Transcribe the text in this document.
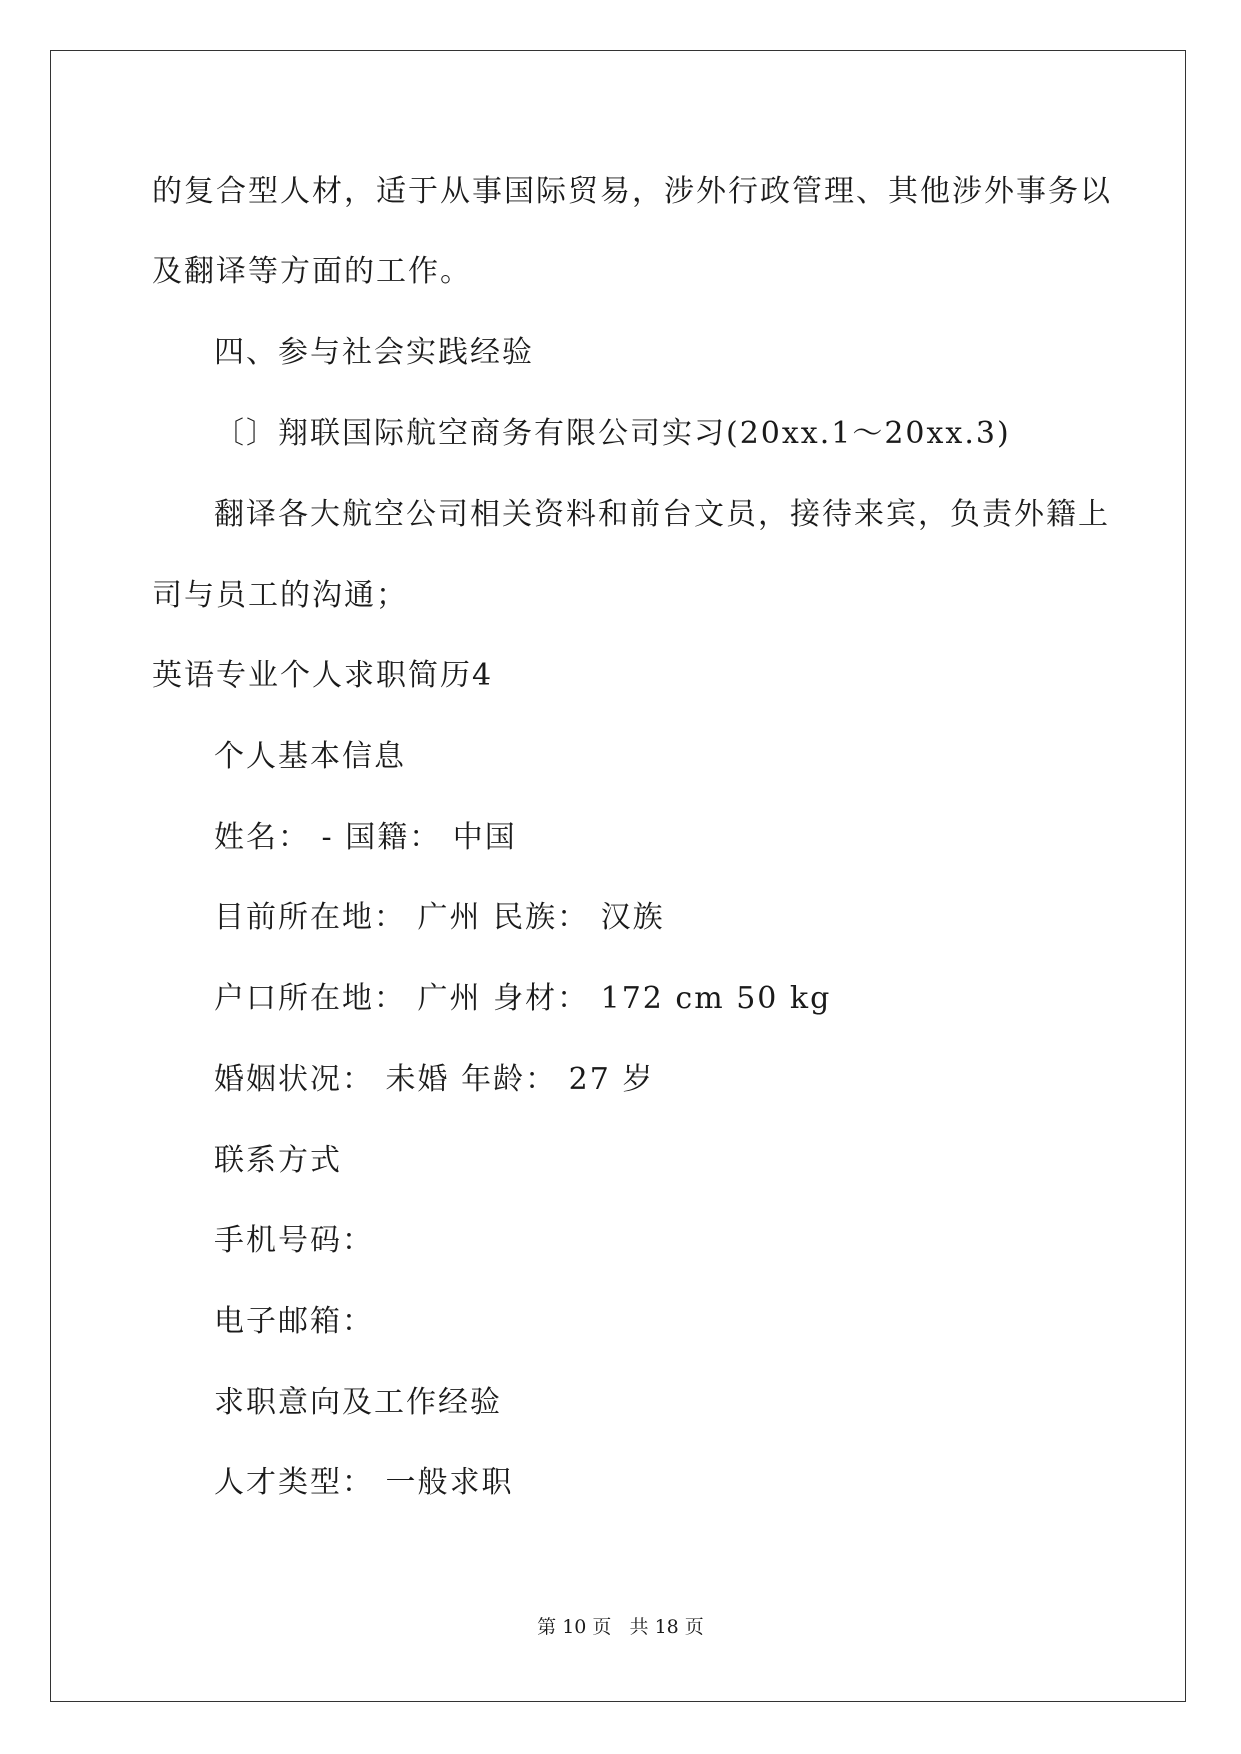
的复合型人材，适于从事国际贸易，涉外行政管理、其他涉外事务以
及翻译等方面的工作。
四、参与社会实践经验
〔〕翔联国际航空商务有限公司实习(20xx.1～20xx.3)
翻译各大航空公司相关资料和前台文员，接待来宾，负责外籍上
司与员工的沟通；
英语专业个人求职简历4
个人基本信息
姓名： - 国籍： 中国
目前所在地： 广州 民族： 汉族
户口所在地： 广州 身材： 172 cm 50 kg
婚姻状况： 未婚 年龄： 27 岁
联系方式
手机号码：
电子邮箱：
求职意向及工作经验
人才类型： 一般求职
第 10 页   共 18 页
